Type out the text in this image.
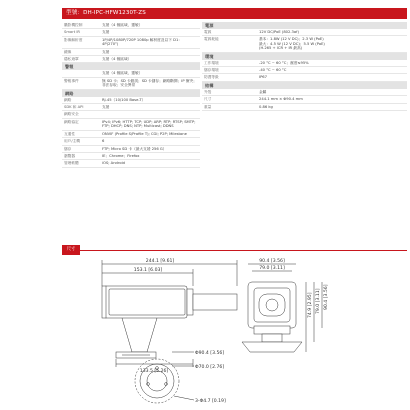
型號：DH-IPC-HFW1230T-ZS
攝影機控制	支援（4 個區域，靈敏）
Smart IR	支援
影像解析度	1P/4P/1080P/720P 1080p 解析度及以下 D1：4P(270°)
鏡像	支援
隱私遮罩	支援（4 個區域）
警報
支援（4 個區域，靈敏）
警報事件	無 SD 卡；SD 卡錯誤；SD 卡儲存；網路斷開；IP 衝突；非法存取；安全異常
網路
網路	RJ-45（10/100 Base-T）
SDK 和 API	支援
網路安全
網路協定	IPv4; IPv6; HTTP; TCP; UDP; ARP; RTP; RTSP; SMTP; FTP; DHCP; DNS; NTP; Multicast; DDNS
互通性	ONVIF (Profile S/Profile T); CGI; P2P; Milestone
用戶/主機	6
儲存	FTP; Micro SD 卡（最大支援 256 G）
瀏覽器	IE；Chrome；Firefox
管理軟體	iOS; Android
電源
電源	12V DC/PoE (802.3af)
電源耗能	基本：1.8W (12 V DC)；2.3 W (PoE)
最大：4.5 W (12 V DC)；5.5 W (PoE)
(H.265 + ICR + IR 最高)
環境
工作環境	-20 °C ~ 60 °C；濕度≤95%
儲存環境	-40 °C ~ 60 °C
防護等級	IP67
結構
外殼	金屬
尺寸	244.1 mm × Φ90.4 mm
重量	0.86 kg
尺寸
244.1 [9.61]
153.1 [6.03]
133.5 [5.26]
90.4 [3.56]
79.0 [3.11]
74.9 [2.95] 79.0 [3.11] 90.4 [3.56]
Φ90.4 [3.56]
Φ70.0 [2.76]
3-Φ4.7 [0.19]
